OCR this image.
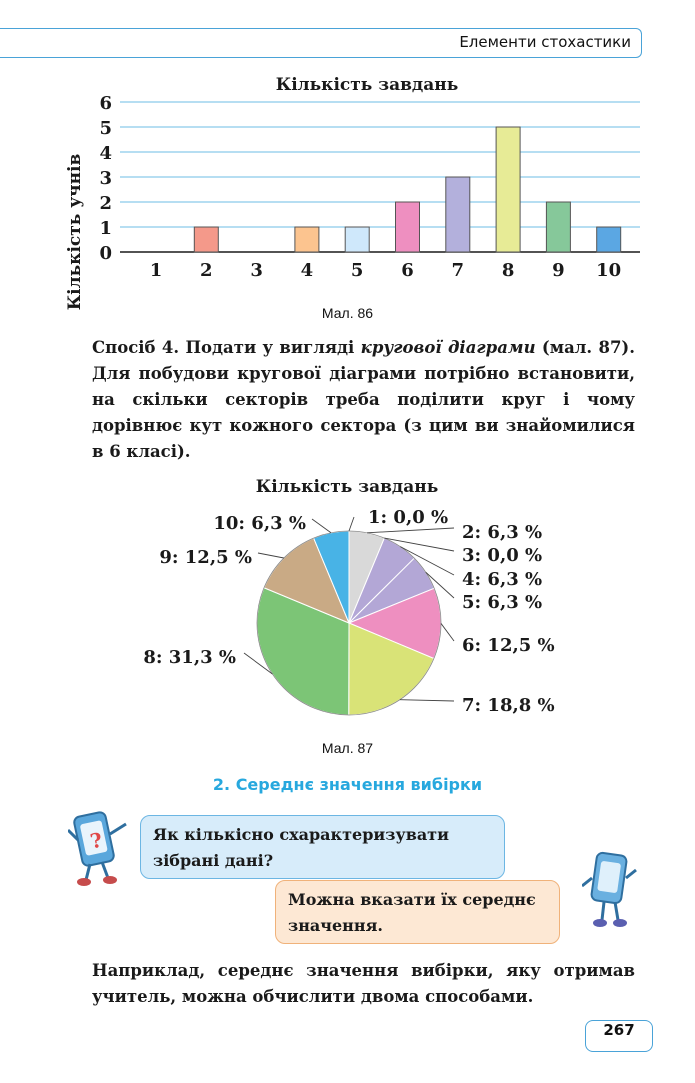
Елементи стохастики
Кількість завдань
Кількість учнів 0
1
2
3
4
5
6
1 2 3 4 5 6 7 8 9 10
Мал. 86
Спосіб 4. Подати у вигляді кругової діаграми (мал. 87). Для побудови кругової діаграми потрібно встановити, на скільки секторів треба поділити круг і чому дорівнює кут кожного сектора (з цим ви знайомилися в 6 класі).
Кількість завдань
1: 0,0 %
2: 6,3 %
3: 0,0 %
4: 6,3 %
5: 6,3 %
6: 12,5 %
7: 18,8 %
8: 31,3 %
9: 12,5 %
10: 6,3 %
Мал. 87
2. Середнє значення вибірки
?	Як кількісно схарактеризувати зібрані дані?
Можна вказати їх середнє значення.
Наприклад, середнє значення вибірки, яку отримав учитель, можна обчислити двома способами.
267
